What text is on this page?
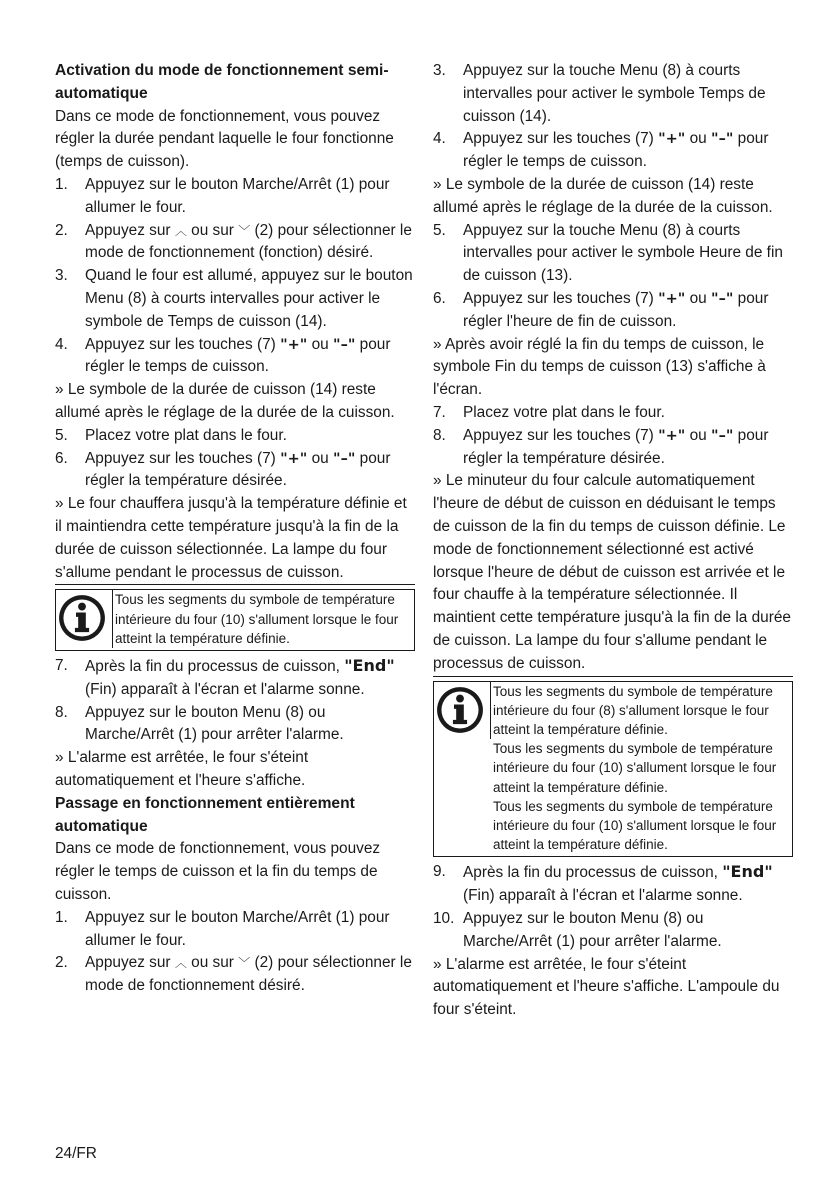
Activation du mode de fonctionnement semi-automatique

Dans ce mode de fonctionnement, vous pouvez régler la durée pendant laquelle le four fonctionne (temps de cuisson).

1.	Appuyez sur le bouton Marche/Arrêt (1) pour allumer le four.
2.	Appuyez sur ︿ ou sur ﹀ (2) pour sélectionner le mode de fonctionnement (fonction) désiré.
3.	Quand le four est allumé, appuyez sur le bouton Menu (8) à courts intervalles pour activer le symbole de Temps de cuisson (14).
4.	Appuyez sur les touches (7) "+" ou "–" pour régler le temps de cuisson.

» Le symbole de la durée de cuisson (14) reste allumé après le réglage de la durée de la cuisson.

5.	Placez votre plat dans le four.
6.	Appuyez sur les touches (7) "+" ou "–" pour régler la température désirée.

» Le four chauffera jusqu'à la température définie et il maintiendra cette température jusqu'à la fin de la durée de cuisson sélectionnée. La lampe du four s'allume pendant le processus de cuisson.

Tous les segments du symbole de température intérieure du four (10) s'allument lorsque le four atteint la température définie.
7.	Après la fin du processus de cuisson, "End" (Fin) apparaît à l'écran et l'alarme sonne.
8.	Appuyez sur le bouton Menu (8) ou Marche/Arrêt (1) pour arrêter l'alarme.

» L'alarme est arrêtée, le four s'éteint automatiquement et l'heure s'affiche.

Passage en fonctionnement entièrement automatique

Dans ce mode de fonctionnement, vous pouvez régler le temps de cuisson et la fin du temps de cuisson.

1.	Appuyez sur le bouton Marche/Arrêt (1) pour allumer le four.
2.	Appuyez sur ︿ ou sur ﹀ (2) pour sélectionner le mode de fonctionnement désiré.
3.	Appuyez sur la touche Menu (8) à courts intervalles pour activer le symbole Temps de cuisson (14).
4.	Appuyez sur les touches (7) "+" ou "–" pour régler le temps de cuisson.

» Le symbole de la durée de cuisson (14) reste allumé après le réglage de la durée de la cuisson.

5.	Appuyez sur la touche Menu (8) à courts intervalles pour activer le symbole Heure de fin de cuisson (13).
6.	Appuyez sur les touches (7) "+" ou "–" pour régler l'heure de fin de cuisson.

» Après avoir réglé la fin du temps de cuisson, le symbole Fin du temps de cuisson (13) s'affiche à l'écran.

7.	Placez votre plat dans le four.
8.	Appuyez sur les touches (7) "+" ou "–" pour régler la température désirée.

» Le minuteur du four calcule automatiquement l'heure de début de cuisson en déduisant le temps de cuisson de la fin du temps de cuisson définie. Le mode de fonctionnement sélectionné est activé lorsque l'heure de début de cuisson est arrivée et le four chauffe à la température sélectionnée. Il maintient cette température jusqu'à la fin de la durée de cuisson. La lampe du four s'allume pendant le processus de cuisson.

Tous les segments du symbole de température intérieure du four (8) s'allument lorsque le four atteint la température définie.
Tous les segments du symbole de température intérieure du four (10) s'allument lorsque le four atteint la température définie.
Tous les segments du symbole de température intérieure du four (10) s'allument lorsque le four atteint la température définie.
9.	Après la fin du processus de cuisson, "End" (Fin) apparaît à l'écran et l'alarme sonne.
10. Appuyez sur le bouton Menu (8) ou Marche/Arrêt (1) pour arrêter l'alarme.

» L'alarme est arrêtée, le four s'éteint automatiquement et l'heure s'affiche. L'ampoule du four s'éteint.

24/FR
